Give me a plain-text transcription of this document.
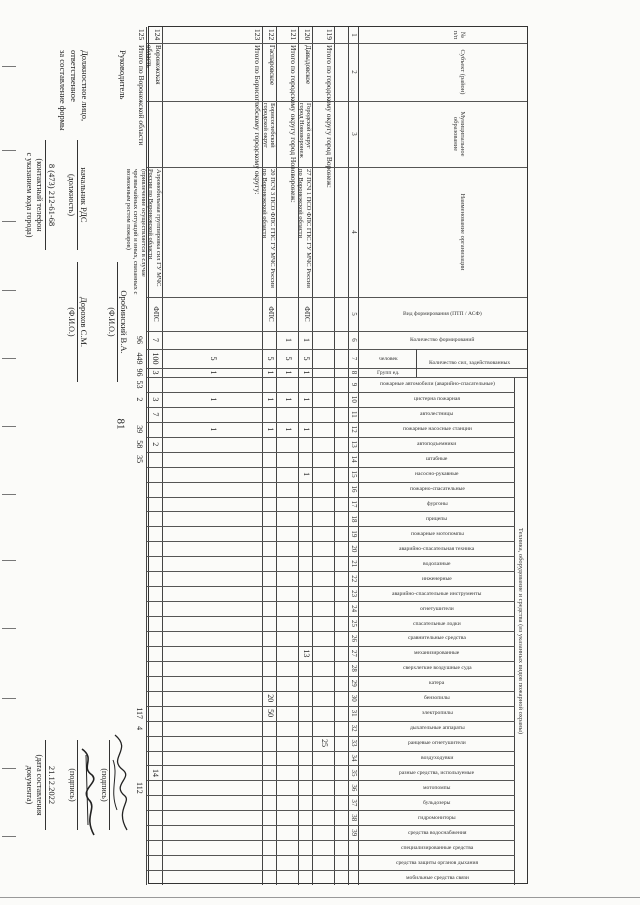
81
Техника, оборудование и средства (из указанных видов пожарной охраны)
№ п/п
Субъект (район)
Муниципальное образование
Наименование организации
Вид формирования (ПТП / АСФ)
Количество формирований
Количество сил, задействованных
человек
Групп ед.
пожарные автомобили (аварийно-спасательные)
цистерна пожарная
автолестницы
пожарные насосные станции
автоподъемники
штабные
насосно-рукавные
пожарно-спасательные
фургоны
прицепы
пожарные мотопомпы
аварийно-спасательная техника
водолазные
инженерные
аварийно-спасательные инструменты
огнетушители
спасательные лодки
сравнительные средства
механизированные
сверхлегкие воздушные суда
катера
бензопилы
электропилы
дыхательные аппараты
ранцевые огнетушители
воздуходувки
разные средства, используемые
мотопомпы
бульдозеры
гидромониторы
средства водоснабжения
специализированные средства
средства защиты органов дыхания
мобильные средства связи
1
2
3
4
5
6
7
8
9
10
11
12
13
14
15
16
17
18
19
20
21
22
23
24
25
26
27
28
29
30
31
32
33
34
35
36
37
38
39
119
Итого по городскому округу город Воронеж:
120
Давыдовское
Городской округ город Нововоронеж
27 ПСЧ 1 ПСО ФПС ГПС ГУ МЧС России по Воронежской области
ФПС
1
5
1
1
1
1
121
Итого по городскому округу город Нововоронеж:
1
5
1
1
1
122
Гаспаровское
Борисоглебский городской округ
20 ПСЧ 3 ПСО ФПС ГПС ГУ МЧС России по Воронежской области
ФПС
5
1
1
1
123
Итого по Борисоглебскому городскому округу:
5
1
1
1
124
Воронежская область
Аэромобильная группировка сил ГУ МЧС России по Воронежской области (привлечение осуществляется в случае чрезвычайных ситуаций и иных, связанных с возможным ростом пожаров)
ФПС
7
100
3
3
7
2
125
Итого по Воронежской области
96
449
96
53
2
39
58
35
13
25
20
50
14
112
117
4
Руководитель
Оробинский В.А.
(Ф.И.О.)
Должностное лицо,
ответственное
за составление формы
начальник РДС
(должность)
Дорохов С.М.
(Ф.И.О.)
8 (473) 212-61-68
(контактный телефон
с указанием кода города)
(подпись)
(подпись)
21.12.2022
(дата составления
документа)
